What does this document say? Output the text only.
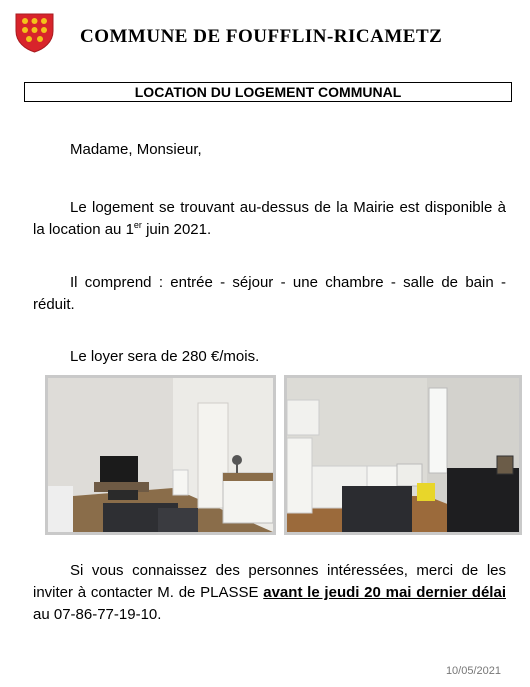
COMMUNE DE FOUFFLIN-RICAMETZ
LOCATION DU LOGEMENT COMMUNAL
Madame, Monsieur,
Le logement se trouvant au-dessus de la Mairie est disponible à la location au 1er juin 2021.
Il comprend : entrée - séjour - une chambre - salle de bain - réduit.
Le loyer sera de 280 €/mois.
Si vous connaissez des personnes intéressées, merci de les inviter à contacter M. de PLASSE avant le jeudi 20 mai dernier délai au 07-86-77-19-10.
10/05/2021
